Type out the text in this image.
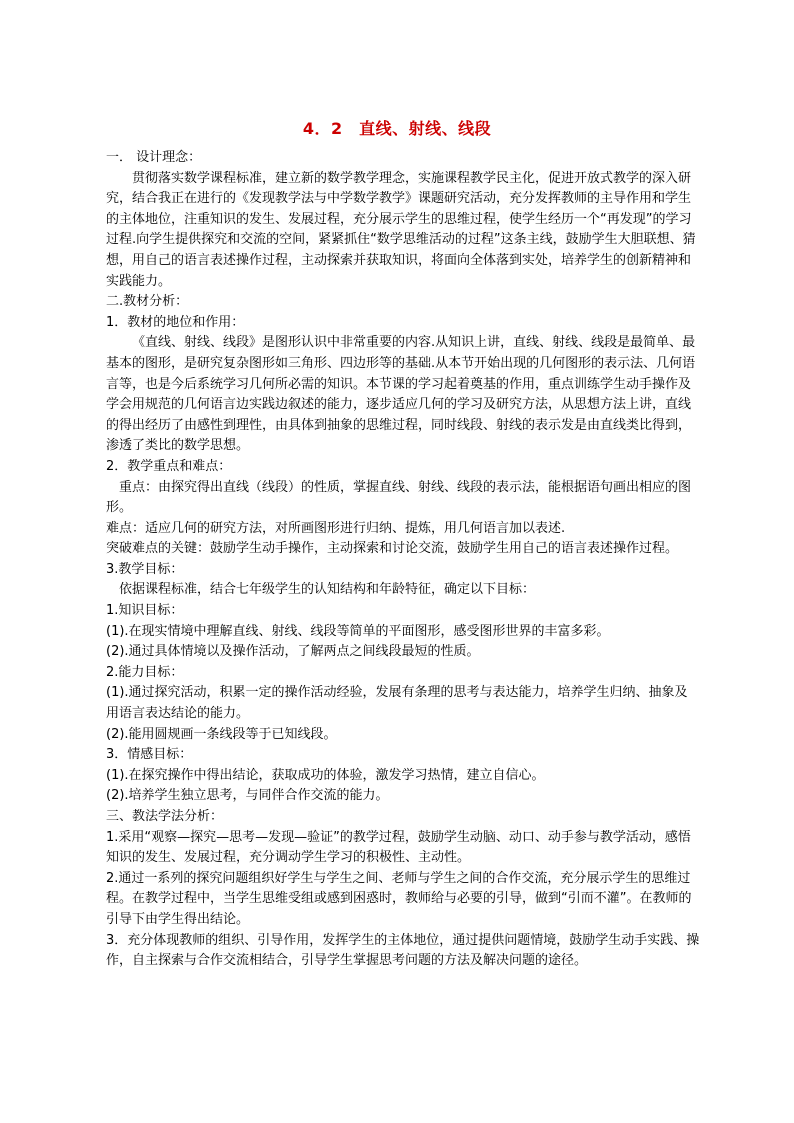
4．2　直线、射线、线段

一． 设计理念：

贯彻落实数学课程标准，建立新的数学教学理念，实施课程教学民主化，促进开放式教学的深入研究，结合我正在进行的《发现教学法与中学数学教学》课题研究活动，充分发挥教师的主导作用和学生的主体地位，注重知识的发生、发展过程，充分展示学生的思维过程，使学生经历一个“再发现”的学习过程.向学生提供探究和交流的空间，紧紧抓住“数学思维活动的过程”这条主线，鼓励学生大胆联想、猜想，用自己的语言表述操作过程，主动探索并获取知识，将面向全体落到实处，培养学生的创新精神和实践能力。

二.教材分析：

1．教材的地位和作用：

《直线、射线、线段》是图形认识中非常重要的内容.从知识上讲，直线、射线、线段是最简单、最基本的图形，是研究复杂图形如三角形、四边形等的基础.从本节开始出现的几何图形的表示法、几何语言等，也是今后系统学习几何所必需的知识。本节课的学习起着奠基的作用，重点训练学生动手操作及学会用规范的几何语言边实践边叙述的能力，逐步适应几何的学习及研究方法，从思想方法上讲，直线的得出经历了由感性到理性，由具体到抽象的思维过程，同时线段、射线的表示发是由直线类比得到，渗透了类比的数学思想。

2．教学重点和难点：

重点：由探究得出直线（线段）的性质，掌握直线、射线、线段的表示法，能根据语句画出相应的图形。

难点：适应几何的研究方法，对所画图形进行归纳、提炼，用几何语言加以表述.

突破难点的关键：鼓励学生动手操作，主动探索和讨论交流，鼓励学生用自己的语言表述操作过程。

3.教学目标：

依据课程标准，结合七年级学生的认知结构和年龄特征，确定以下目标：

1.知识目标：

(1).在现实情境中理解直线、射线、线段等简单的平面图形，感受图形世界的丰富多彩。

(2).通过具体情境以及操作活动，了解两点之间线段最短的性质。

2.能力目标：

(1).通过探究活动，积累一定的操作活动经验，发展有条理的思考与表达能力，培养学生归纳、抽象及用语言表达结论的能力。

(2).能用圆规画一条线段等于已知线段。

3．情感目标：

(1).在探究操作中得出结论，获取成功的体验，激发学习热情，建立自信心。

(2).培养学生独立思考，与同伴合作交流的能力。

三、教法学法分析：

1.采用“观察—探究—思考—发现—验证”的教学过程，鼓励学生动脑、动口、动手参与教学活动，感悟知识的发生、发展过程，充分调动学生学习的积极性、主动性。

2.通过一系列的探究问题组织好学生与学生之间、老师与学生之间的合作交流，充分展示学生的思维过程。在教学过程中，当学生思维受组或感到困惑时，教师给与必要的引导，做到“引而不灌”。在教师的引导下由学生得出结论。

3．充分体现教师的组织、引导作用，发挥学生的主体地位，通过提供问题情境，鼓励学生动手实践、操作，自主探索与合作交流相结合，引导学生掌握思考问题的方法及解决问题的途径。
